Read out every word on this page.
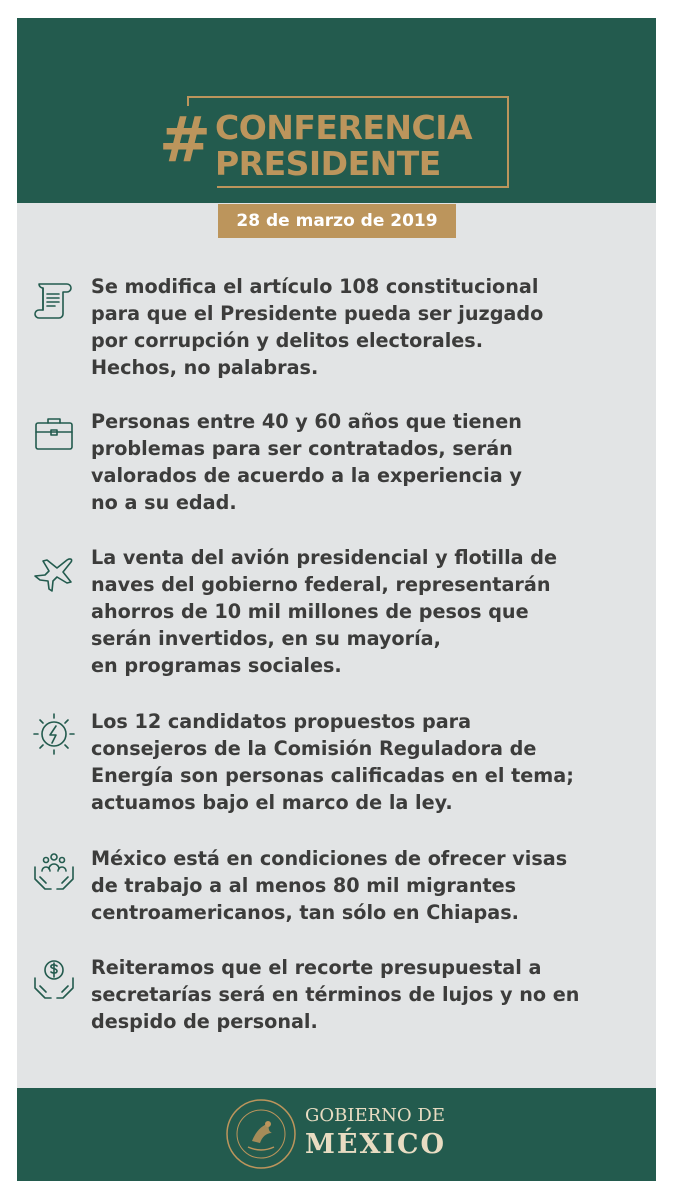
# CONFERENCIA
PRESIDENTE
28 de marzo de 2019
Se modifica el artículo 108 constitucional
para que el Presidente pueda ser juzgado
por corrupción y delitos electorales.
Hechos, no palabras.
Personas entre 40 y 60 años que tienen
problemas para ser contratados, serán
valorados de acuerdo a la experiencia y
no a su edad.
La venta del avión presidencial y flotilla de
naves del gobierno federal, representarán
ahorros de 10 mil millones de pesos que
serán invertidos, en su mayoría,
en programas sociales.
Los 12 candidatos propuestos para
consejeros de la Comisión Reguladora de
Energía son personas calificadas en el tema;
actuamos bajo el marco de la ley.
México está en condiciones de ofrecer visas
de trabajo a al menos 80 mil migrantes
centroamericanos, tan sólo en Chiapas.
Reiteramos que el recorte presupuestal a
secretarías será en términos de lujos y no en
despido de personal.
GOBIERNO DE
MÉXICO
